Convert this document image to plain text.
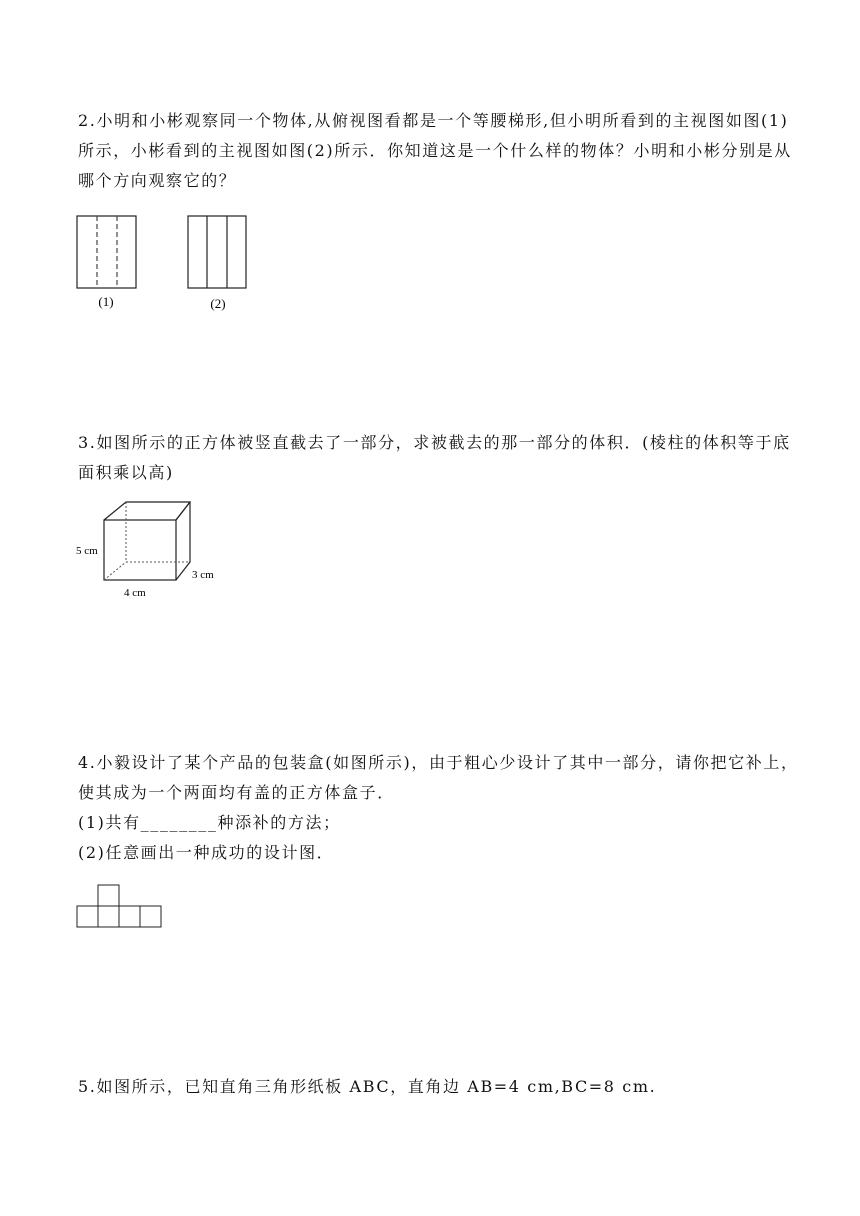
2.小明和小彬观察同一个物体,从俯视图看都是一个等腰梯形,但小明所看到的主视图如图(1)
所示，小彬看到的主视图如图(2)所示．你知道这是一个什么样的物体？小明和小彬分别是从
哪个方向观察它的？
(1)	(2)
3.如图所示的正方体被竖直截去了一部分，求被截去的那一部分的体积．(棱柱的体积等于底
面积乘以高)
5 cm
3 cm
4 cm
4.小毅设计了某个产品的包装盒(如图所示)，由于粗心少设计了其中一部分，请你把它补上，
使其成为一个两面均有盖的正方体盒子．
(1)共有________种添补的方法；
(2)任意画出一种成功的设计图．
5.如图所示，已知直角三角形纸板 ABC，直角边 AB=4 cm,BC=8 cm.
